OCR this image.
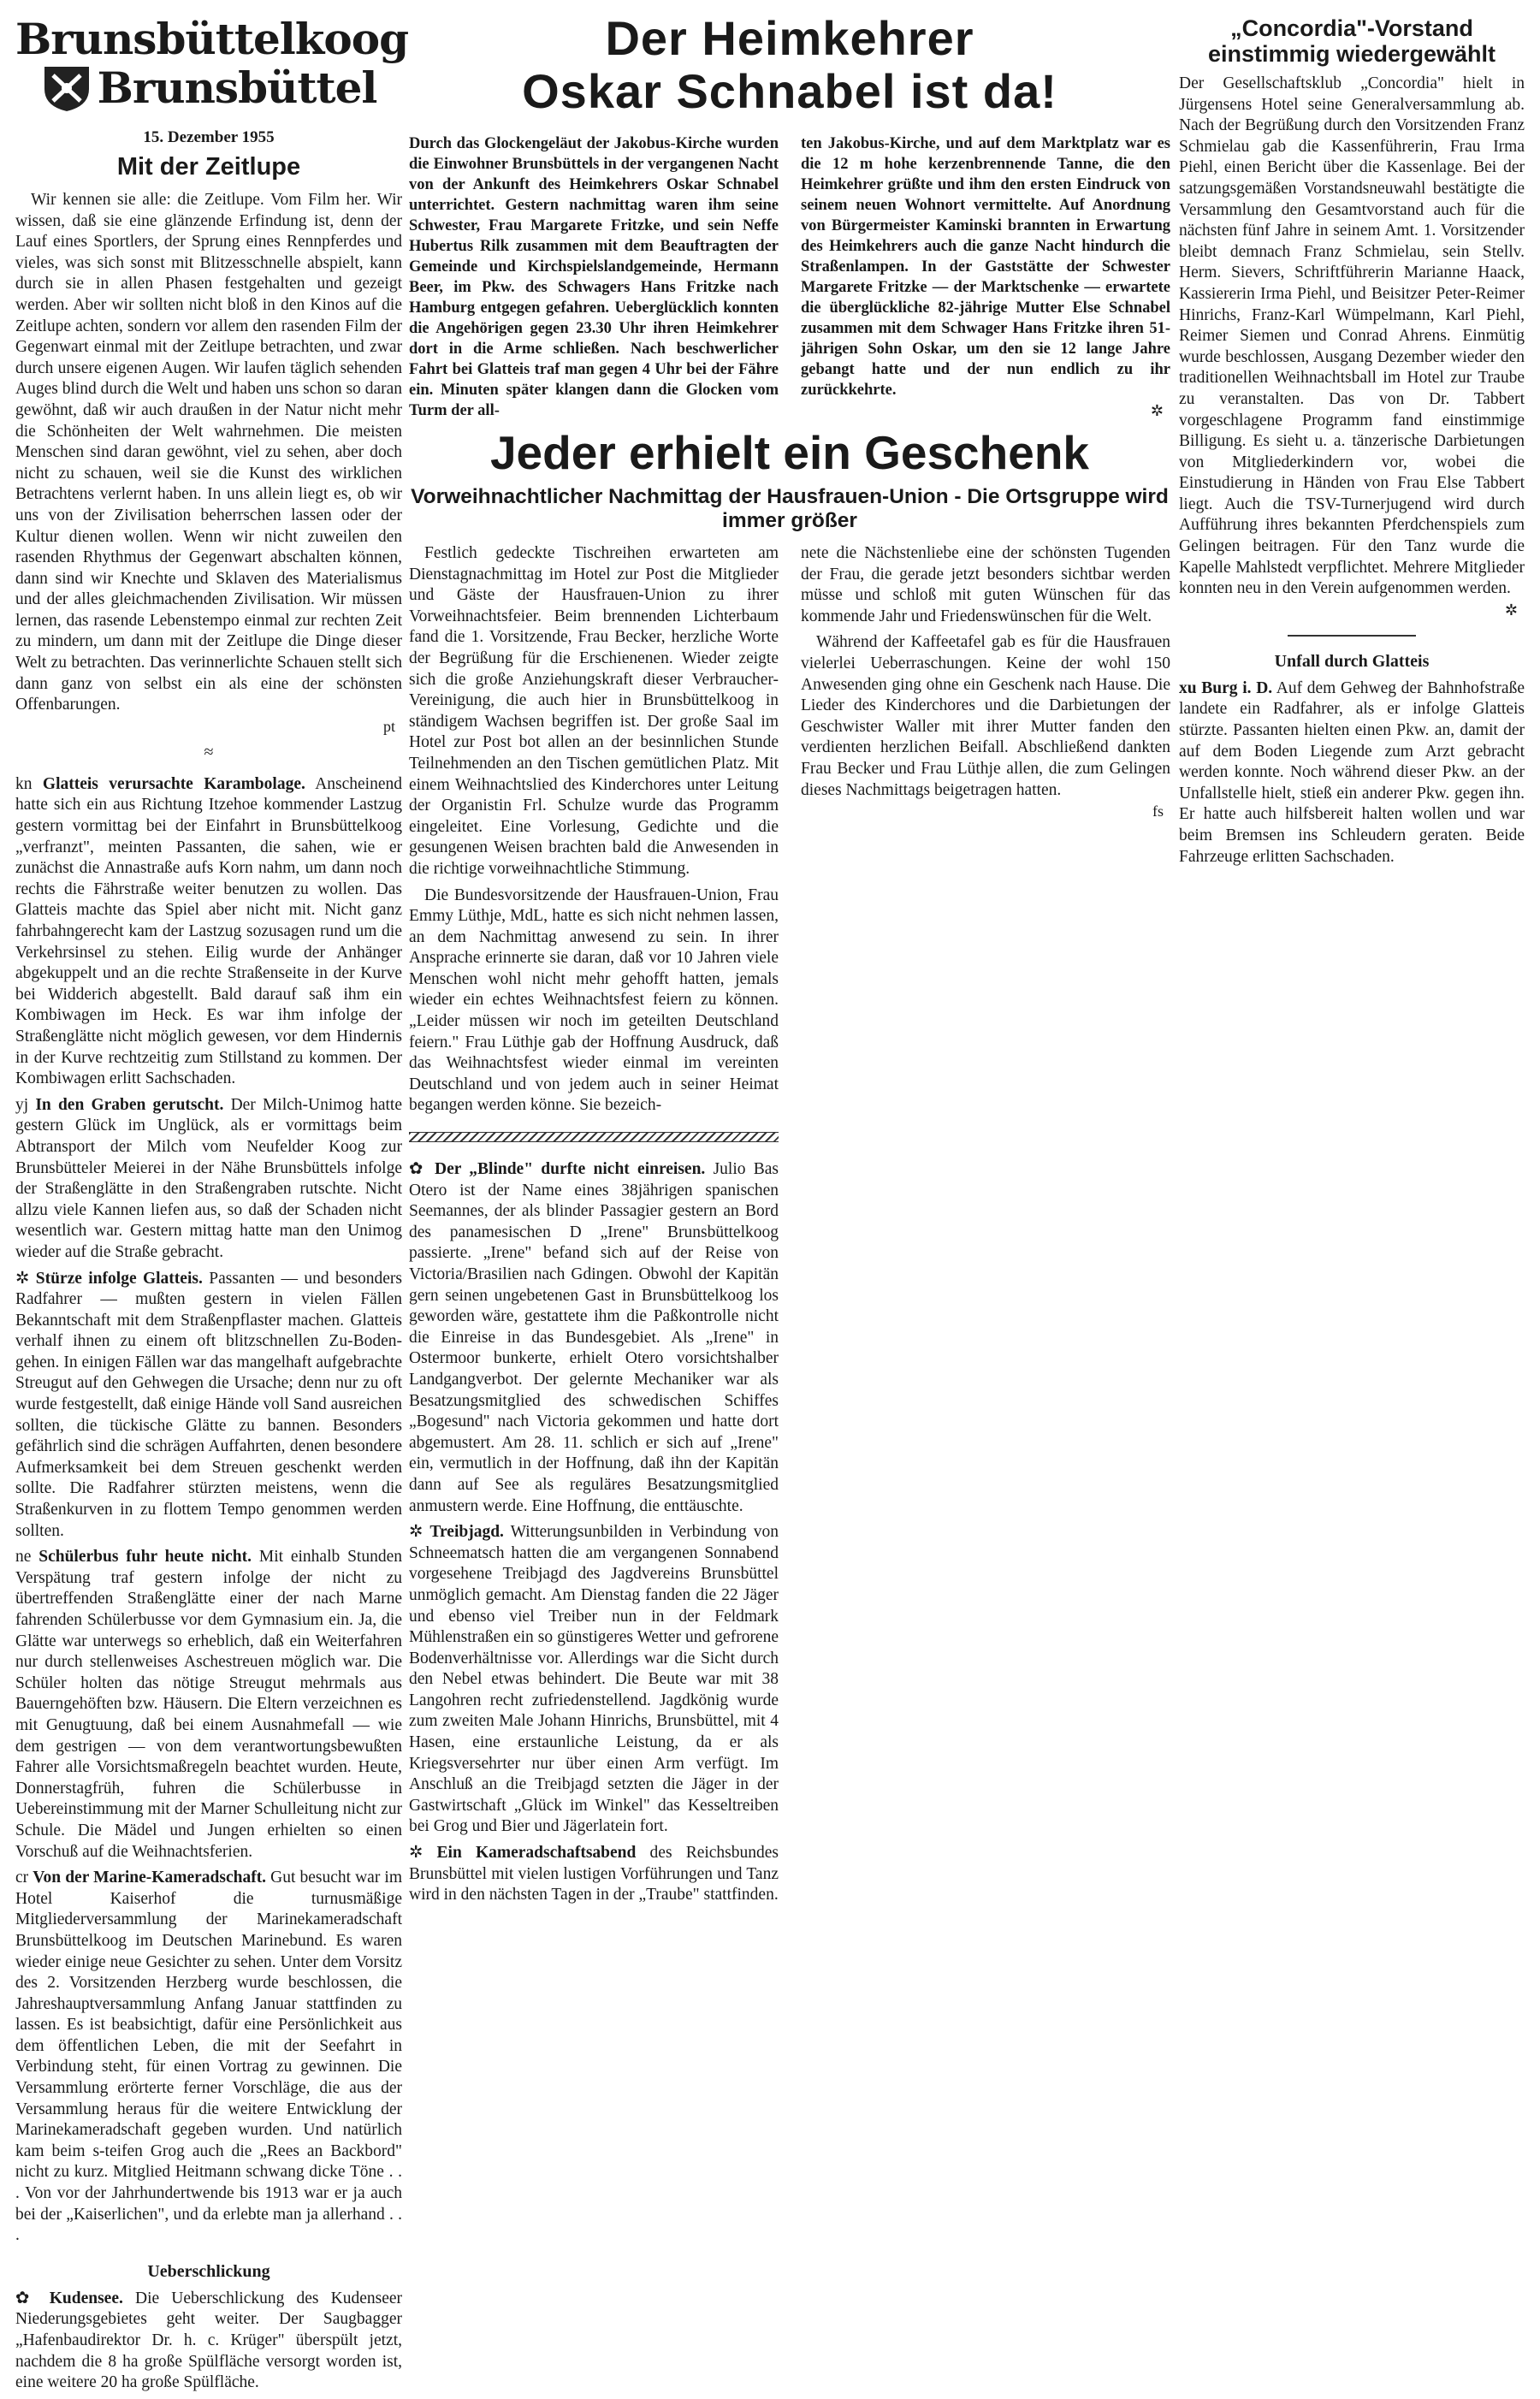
Brunsbüttelkoog
Brunsbüttel
15. Dezember 1955
Mit der Zeitlupe

Wir kennen sie alle: die Zeitlupe. Vom Film her. Wir wissen, daß sie eine glänzende Erfindung ist, denn der Lauf eines Sportlers, der Sprung eines Rennpferdes und vieles, was sich sonst mit Blitzesschnelle abspielt, kann durch sie in allen Phasen festgehalten und gezeigt werden. Aber wir sollten nicht bloß in den Kinos auf die Zeitlupe achten, sondern vor allem den rasenden Film der Gegenwart einmal mit der Zeitlupe betrachten, und zwar durch unsere eigenen Augen. Wir laufen täglich sehenden Auges blind durch die Welt und haben uns schon so daran gewöhnt, daß wir auch draußen in der Natur nicht mehr die Schönheiten der Welt wahrnehmen. Die meisten Menschen sind daran gewöhnt, viel zu sehen, aber doch nicht zu schauen, weil sie die Kunst des wirklichen Betrachtens verlernt haben. In uns allein liegt es, ob wir uns von der Zivilisation beherrschen lassen oder der Kultur dienen wollen. Wenn wir nicht zuweilen den rasenden Rhythmus der Gegenwart abschalten können, dann sind wir Knechte und Sklaven des Materialismus und der alles gleichmachenden Zivilisation. Wir müssen lernen, das rasende Lebenstempo einmal zur rechten Zeit zu mindern, um dann mit der Zeitlupe die Dinge dieser Welt zu betrachten. Das verinnerlichte Schauen stellt sich dann ganz von selbst ein als eine der schönsten Offenbarungen.

pt
≈

kn Glatteis verursachte Karambolage. Anscheinend hatte sich ein aus Richtung Itzehoe kommender Lastzug gestern vormittag bei der Einfahrt in Brunsbüttelkoog „verfranzt", meinten Passanten, die sahen, wie er zunächst die Annastraße aufs Korn nahm, um dann noch rechts die Fährstraße weiter benutzen zu wollen. Das Glatteis machte das Spiel aber nicht mit. Nicht ganz fahrbahngerecht kam der Lastzug sozusagen rund um die Verkehrsinsel zu stehen. Eilig wurde der Anhänger abgekuppelt und an die rechte Straßenseite in der Kurve bei Widderich abgestellt. Bald darauf saß ihm ein Kombiwagen im Heck. Es war ihm infolge der Straßenglätte nicht möglich gewesen, vor dem Hindernis in der Kurve rechtzeitig zum Stillstand zu kommen. Der Kombiwagen erlitt Sachschaden.

yj In den Graben gerutscht. Der Milch-Unimog hatte gestern Glück im Unglück, als er vormittags beim Abtransport der Milch vom Neufelder Koog zur Brunsbütteler Meierei in der Nähe Brunsbüttels infolge der Straßenglätte in den Straßengraben rutschte. Nicht allzu viele Kannen liefen aus, so daß der Schaden nicht wesentlich war. Gestern mittag hatte man den Unimog wieder auf die Straße gebracht.

✲ Stürze infolge Glatteis. Passanten — und besonders Radfahrer — mußten gestern in vielen Fällen Bekanntschaft mit dem Straßenpflaster machen. Glatteis verhalf ihnen zu einem oft blitzschnellen Zu-Boden-gehen. In einigen Fällen war das mangelhaft aufgebrachte Streugut auf den Gehwegen die Ursache; denn nur zu oft wurde festgestellt, daß einige Hände voll Sand ausreichen sollten, die tückische Glätte zu bannen. Besonders gefährlich sind die schrägen Auffahrten, denen besondere Aufmerksamkeit bei dem Streuen geschenkt werden sollte. Die Radfahrer stürzten meistens, wenn die Straßenkurven in zu flottem Tempo genommen werden sollten.

ne Schülerbus fuhr heute nicht. Mit einhalb Stunden Verspätung traf gestern infolge der nicht zu übertreffenden Straßenglätte einer der nach Marne fahrenden Schülerbusse vor dem Gymnasium ein. Ja, die Glätte war unterwegs so erheblich, daß ein Weiterfahren nur durch stellenweises Aschestreuen möglich war. Die Schüler holten das nötige Streugut mehrmals aus Bauerngehöften bzw. Häusern. Die Eltern verzeichnen es mit Genugtuung, daß bei einem Ausnahmefall — wie dem gestrigen — von dem verantwortungsbewußten Fahrer alle Vorsichtsmaßregeln beachtet wurden. Heute, Donnerstagfrüh, fuhren die Schülerbusse in Uebereinstimmung mit der Marner Schulleitung nicht zur Schule. Die Mädel und Jungen erhielten so einen Vorschuß auf die Weihnachtsferien.

cr Von der Marine-Kameradschaft. Gut besucht war im Hotel Kaiserhof die turnusmäßige Mitgliederversammlung der Marinekameradschaft Brunsbüttelkoog im Deutschen Marinebund. Es waren wieder einige neue Gesichter zu sehen. Unter dem Vorsitz des 2. Vorsitzenden Herzberg wurde beschlossen, die Jahreshauptversammlung Anfang Januar stattfinden zu lassen. Es ist beabsichtigt, dafür eine Persönlichkeit aus dem öffentlichen Leben, die mit der Seefahrt in Verbindung steht, für einen Vortrag zu gewinnen. Die Versammlung erörterte ferner Vorschläge, die aus der Versammlung heraus für die weitere Entwicklung der Marinekameradschaft gegeben wurden. Und natürlich kam beim s-teifen Grog auch die „Rees an Backbord" nicht zu kurz. Mitglied Heitmann schwang dicke Töne . . . Von vor der Jahrhundertwende bis 1913 war er ja auch bei der „Kaiserlichen", und da erlebte man ja allerhand . . .

Ueberschlickung

✿ Kudensee. Die Ueberschlickung des Kudenseer Niederungsgebietes geht weiter. Der Saugbagger „Hafenbaudirektor Dr. h. c. Krüger" überspült jetzt, nachdem die 8 ha große Spülfläche versorgt worden ist, eine weitere 20 ha große Spülfläche.

Der Heimkehrer
Oskar Schnabel ist da!

Durch das Glockengeläut der Jakobus-Kirche wurden die Einwohner Brunsbüttels in der vergangenen Nacht von der Ankunft des Heimkehrers Oskar Schnabel unterrichtet. Gestern nachmittag waren ihm seine Schwester, Frau Margarete Fritzke, und sein Neffe Hubertus Rilk zusammen mit dem Beauftragten der Gemeinde und Kirchspielslandgemeinde, Hermann Beer, im Pkw. des Schwagers Hans Fritzke nach Hamburg entgegen gefahren. Ueberglücklich konnten die Angehörigen gegen 23.30 Uhr ihren Heimkehrer dort in die Arme schließen. Nach beschwerlicher Fahrt bei Glatteis traf man gegen 4 Uhr bei der Fähre ein. Minuten später klangen dann die Glocken vom Turm der all-

ten Jakobus-Kirche, und auf dem Marktplatz war es die 12 m hohe kerzenbrennende Tanne, die den Heimkehrer grüßte und ihm den ersten Eindruck von seinem neuen Wohnort vermittelte. Auf Anordnung von Bürgermeister Kaminski brannten in Erwartung des Heimkehrers auch die ganze Nacht hindurch die Straßenlampen. In der Gaststätte der Schwester Margarete Fritzke — der Marktschenke — erwartete die überglückliche 82-jährige Mutter Else Schnabel zusammen mit dem Schwager Hans Fritzke ihren 51-jährigen Sohn Oskar, um den sie 12 lange Jahre gebangt hatte und der nun endlich zu ihr zurückkehrte.

✲
Jeder erhielt ein Geschenk
Vorweihnachtlicher Nachmittag der Hausfrauen-Union - Die Ortsgruppe wird immer größer

Festlich gedeckte Tischreihen erwarteten am Dienstagnachmittag im Hotel zur Post die Mitglieder und Gäste der Hausfrauen-Union zu ihrer Vorweihnachtsfeier. Beim brennenden Lichterbaum fand die 1. Vorsitzende, Frau Becker, herzliche Worte der Begrüßung für die Erschienenen. Wieder zeigte sich die große Anziehungskraft dieser Verbraucher-Vereinigung, die auch hier in Brunsbüttelkoog in ständigem Wachsen begriffen ist. Der große Saal im Hotel zur Post bot allen an der besinnlichen Stunde Teilnehmenden an den Tischen gemütlichen Platz. Mit einem Weihnachtslied des Kinderchores unter Leitung der Organistin Frl. Schulze wurde das Programm eingeleitet. Eine Vorlesung, Gedichte und die gesungenen Weisen brachten bald die Anwesenden in die richtige vorweihnachtliche Stimmung.

Die Bundesvorsitzende der Hausfrauen-Union, Frau Emmy Lüthje, MdL, hatte es sich nicht nehmen lassen, an dem Nachmittag anwesend zu sein. In ihrer Ansprache erinnerte sie daran, daß vor 10 Jahren viele Menschen wohl nicht mehr gehofft hatten, jemals wieder ein echtes Weihnachtsfest feiern zu können. „Leider müssen wir noch im geteilten Deutschland feiern." Frau Lüthje gab der Hoffnung Ausdruck, daß das Weihnachtsfest wieder einmal im vereinten Deutschland und von jedem auch in seiner Heimat begangen werden könne. Sie bezeich-

nete die Nächstenliebe eine der schönsten Tugenden der Frau, die gerade jetzt besonders sichtbar werden müsse und schloß mit guten Wünschen für das kommende Jahr und Friedenswünschen für die Welt.

Während der Kaffeetafel gab es für die Hausfrauen vielerlei Ueberraschungen. Keine der wohl 150 Anwesenden ging ohne ein Geschenk nach Hause. Die Lieder des Kinderchores und die Darbietungen der Geschwister Waller mit ihrer Mutter fanden den verdienten herzlichen Beifall. Abschließend dankten Frau Becker und Frau Lüthje allen, die zum Gelingen dieses Nachmittags beigetragen hatten.

fs

✿ Der „Blinde" durfte nicht einreisen. Julio Bas Otero ist der Name eines 38jährigen spanischen Seemannes, der als blinder Passagier gestern an Bord des panamesischen D „Irene" Brunsbüttelkoog passierte. „Irene" befand sich auf der Reise von Victoria/Brasilien nach Gdingen. Obwohl der Kapitän gern seinen ungebetenen Gast in Brunsbüttelkoog los geworden wäre, gestattete ihm die Paßkontrolle nicht die Einreise in das Bundesgebiet. Als „Irene" in Ostermoor bunkerte, erhielt Otero vorsichtshalber Landgangverbot. Der gelernte Mechaniker war als Besatzungsmitglied des schwedischen Schiffes „Bogesund" nach Victoria gekommen und hatte dort abgemustert. Am 28. 11. schlich er sich auf „Irene" ein, vermutlich in der Hoffnung, daß ihn der Kapitän dann auf See als reguläres Besatzungsmitglied anmustern werde. Eine Hoffnung, die enttäuschte.

✲ Treibjagd. Witterungsunbilden in Verbindung von Schneematsch hatten die am vergangenen Sonnabend vorgesehene Treibjagd des Jagdvereins Brunsbüttel unmöglich gemacht. Am Dienstag fanden die 22 Jäger und ebenso viel Treiber nun in der Feldmark Mühlenstraßen ein so günstigeres Wetter und gefrorene Bodenverhältnisse vor. Allerdings war die Sicht durch den Nebel etwas behindert. Die Beute war mit 38 Langohren recht zufriedenstellend. Jagdkönig wurde zum zweiten Male Johann Hinrichs, Brunsbüttel, mit 4 Hasen, eine erstaunliche Leistung, da er als Kriegsversehrter nur über einen Arm verfügt. Im Anschluß an die Treibjagd setzten die Jäger in der Gastwirtschaft „Glück im Winkel" das Kesseltreiben bei Grog und Bier und Jägerlatein fort.

✲ Ein Kameradschaftsabend des Reichsbundes Brunsbüttel mit vielen lustigen Vorführungen und Tanz wird in den nächsten Tagen in der „Traube" stattfinden.

„Concordia"-Vorstand
einstimmig wiedergewählt

Der Gesellschaftsklub „Concordia" hielt in Jürgensens Hotel seine Generalversammlung ab. Nach der Begrüßung durch den Vorsitzenden Franz Schmielau gab die Kassenführerin, Frau Irma Piehl, einen Bericht über die Kassenlage. Bei der satzungsgemäßen Vorstandsneuwahl bestätigte die Versammlung den Gesamtvorstand auch für die nächsten fünf Jahre in seinem Amt. 1. Vorsitzender bleibt demnach Franz Schmielau, sein Stellv. Herm. Sievers, Schriftführerin Marianne Haack, Kassiererin Irma Piehl, und Beisitzer Peter-Reimer Hinrichs, Franz-Karl Wümpelmann, Karl Piehl, Reimer Siemen und Conrad Ahrens. Einmütig wurde beschlossen, Ausgang Dezember wieder den traditionellen Weihnachtsball im Hotel zur Traube zu veranstalten. Das von Dr. Tabbert vorgeschlagene Programm fand einstimmige Billigung. Es sieht u. a. tänzerische Darbietungen von Mitgliederkindern vor, wobei die Einstudierung in Händen von Frau Else Tabbert liegt. Auch die TSV-Turnerjugend wird durch Aufführung ihres bekannten Pferdchenspiels zum Gelingen beitragen. Für den Tanz wurde die Kapelle Mahlstedt verpflichtet. Mehrere Mitglieder konnten neu in den Verein aufgenommen werden.

✲
Unfall durch Glatteis

xu Burg i. D. Auf dem Gehweg der Bahnhofstraße landete ein Radfahrer, als er infolge Glatteis stürzte. Passanten hielten einen Pkw. an, damit der auf dem Boden Liegende zum Arzt gebracht werden konnte. Noch während dieser Pkw. an der Unfallstelle hielt, stieß ein anderer Pkw. gegen ihn. Er hatte auch hilfsbereit halten wollen und war beim Bremsen ins Schleudern geraten. Beide Fahrzeuge erlitten Sachschaden.
